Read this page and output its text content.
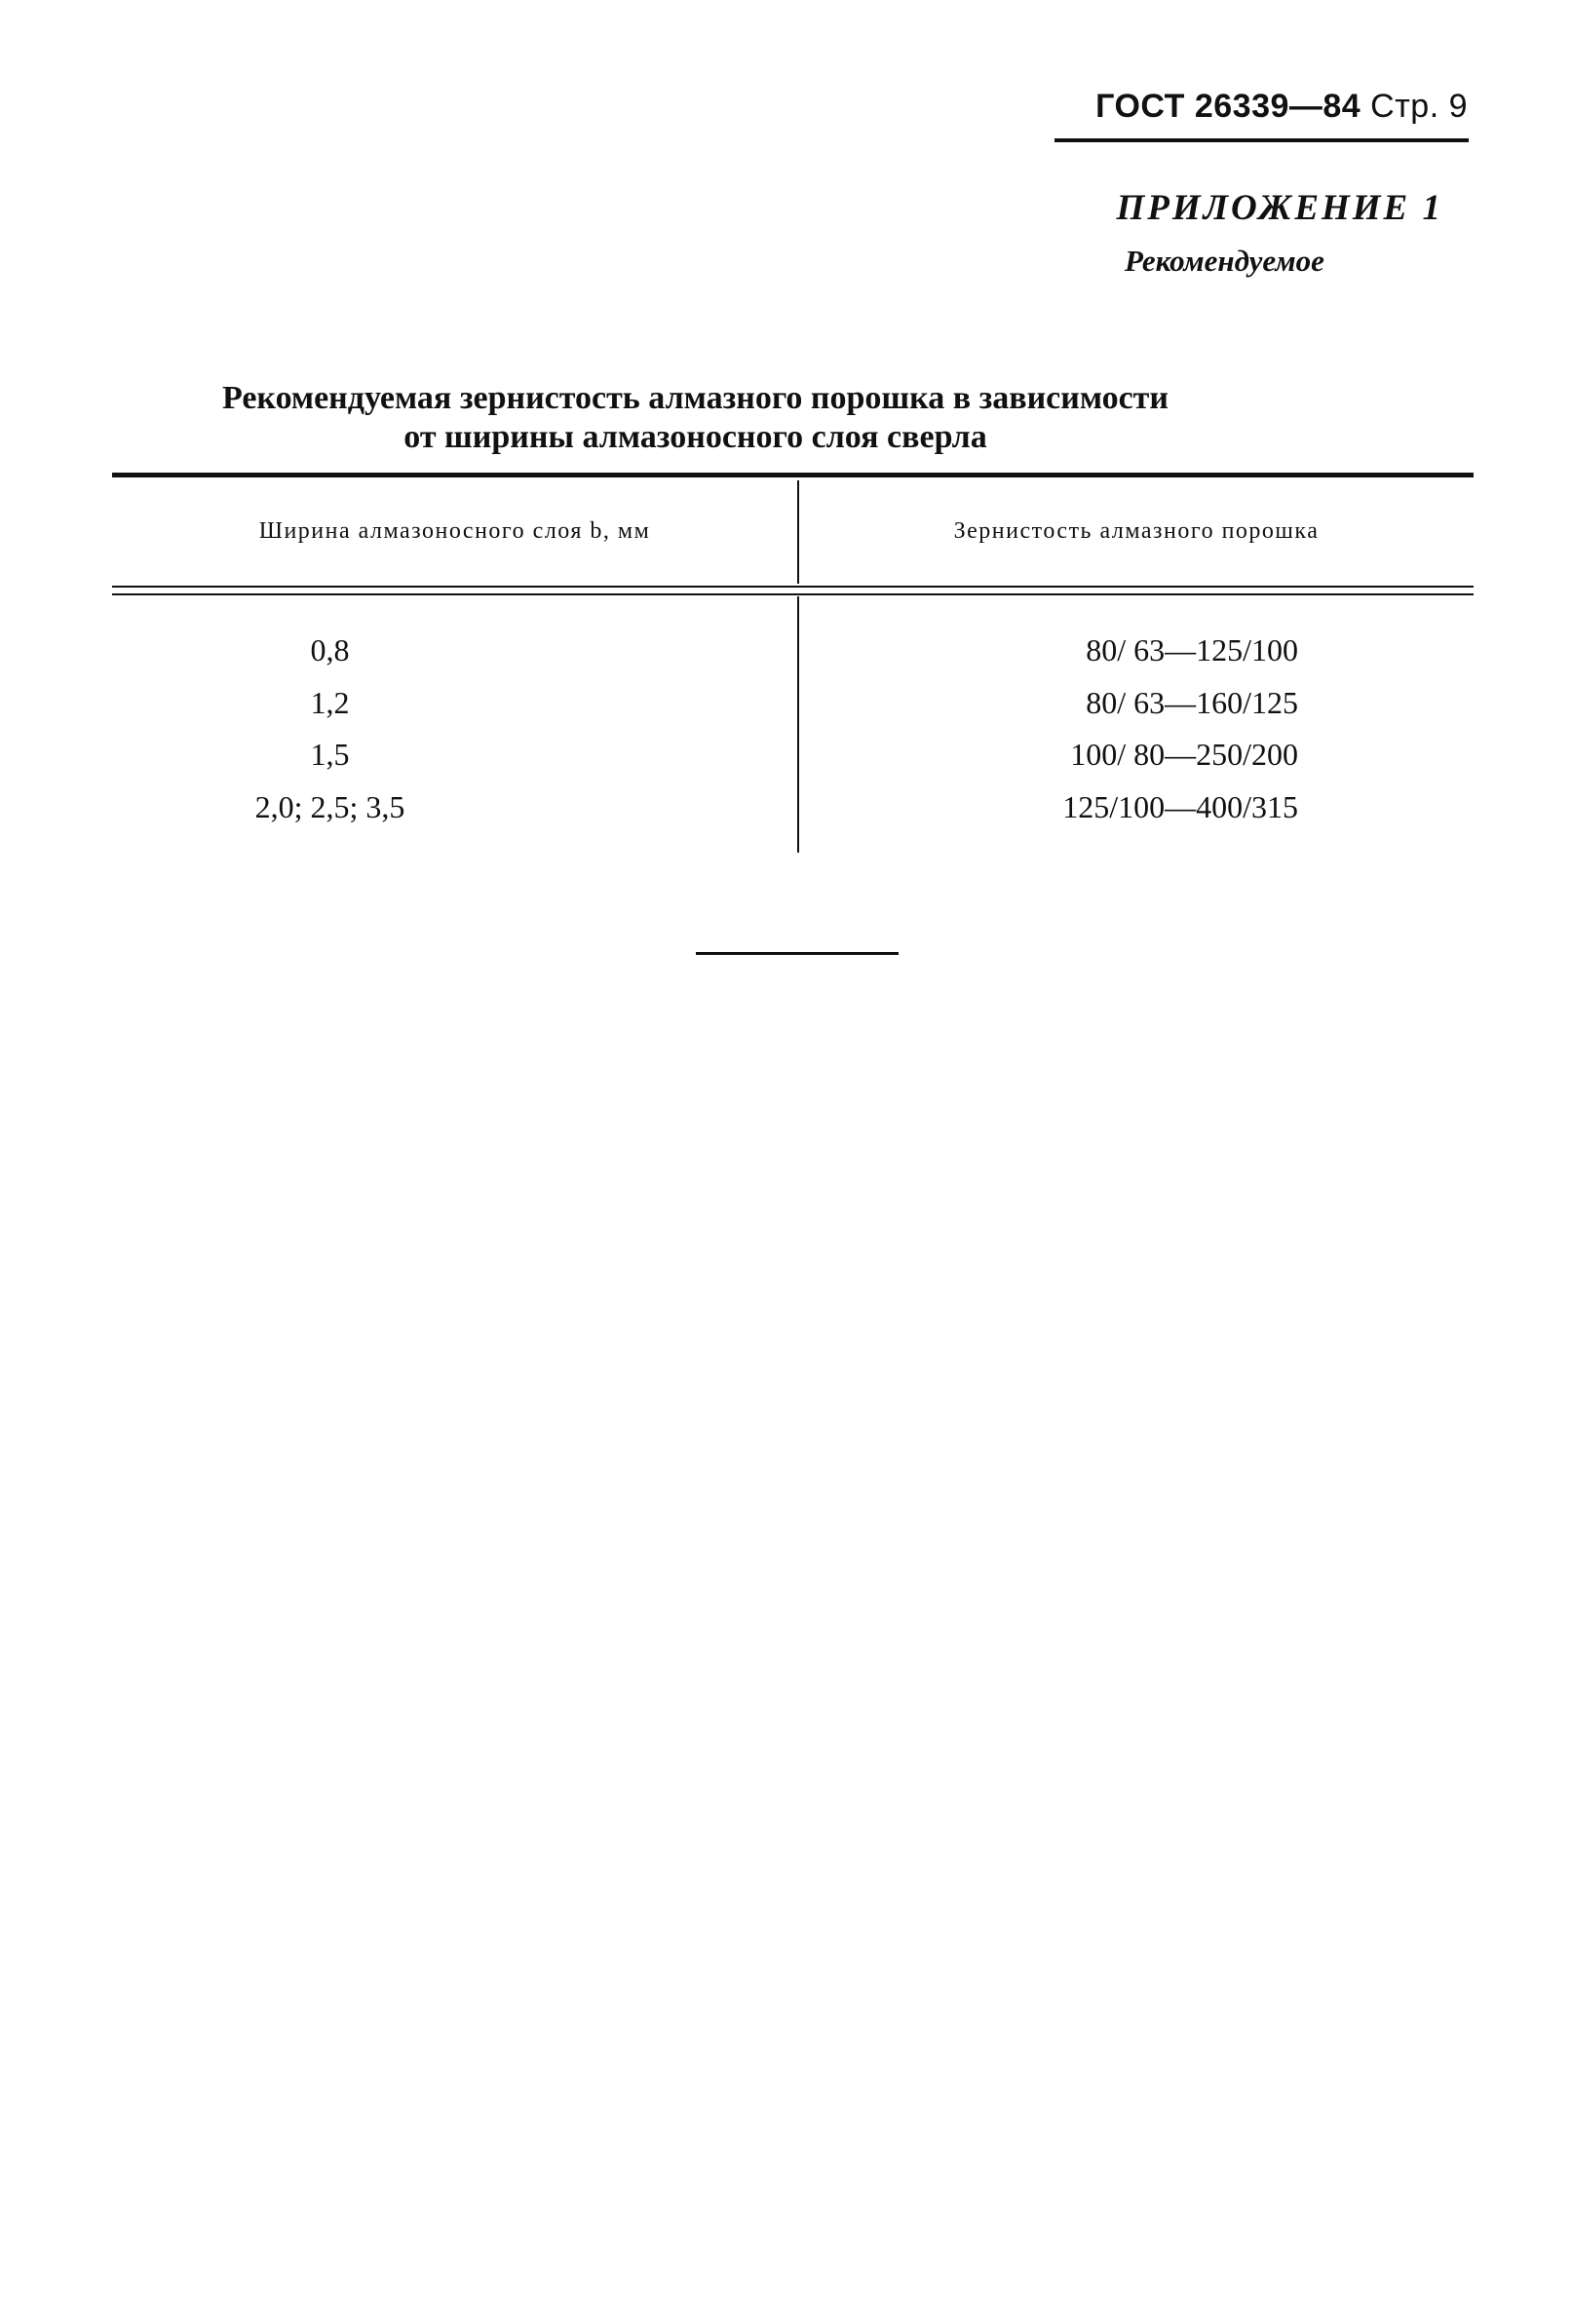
ГОСТ 26339—84 Стр. 9
ПРИЛОЖЕНИЕ 1
Рекомендуемое
Рекомендуемая зернистость алмазного порошка в зависимости
от ширины алмазоносного слоя сверла
Ширина алмазоносного слоя b, мм	Зернистость алмазного порошка
0,8	80/ 63—125/100
1,2	80/ 63—160/125
1,5	100/ 80—250/200
2,0; 2,5; 3,5	125/100—400/315
